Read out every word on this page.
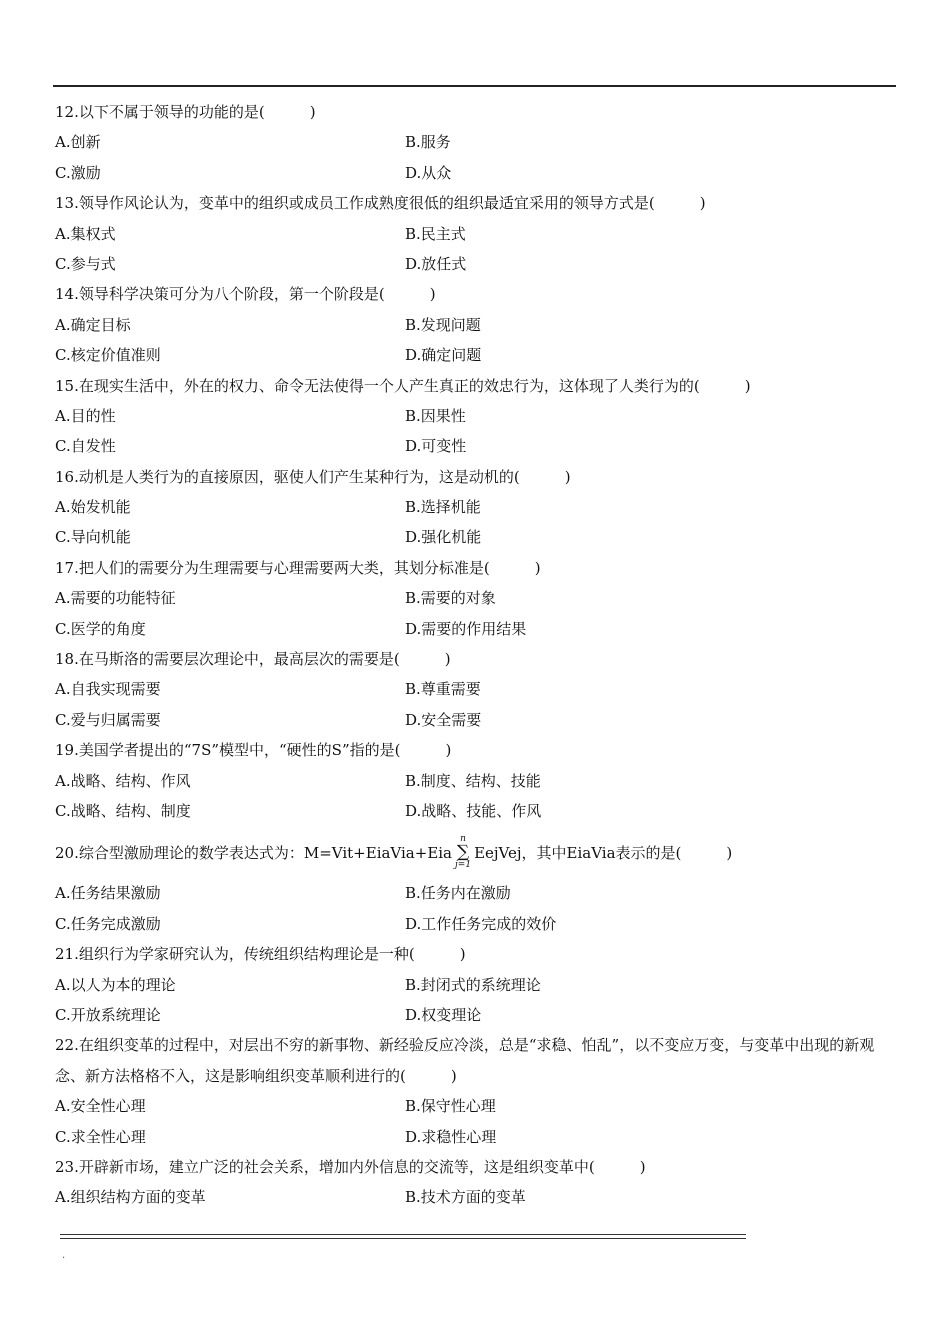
12.以下不属于领导的功能的是(　　　)
A.创新	B.服务
C.激励	D.从众
13.领导作风论认为，变革中的组织或成员工作成熟度很低的组织最适宜采用的领导方式是(　　　)
A.集权式	B.民主式
C.参与式	D.放任式
14.领导科学决策可分为八个阶段，第一个阶段是(　　　)
A.确定目标	B.发现问题
C.核定价值准则	D.确定问题
15.在现实生活中，外在的权力、命令无法使得一个人产生真正的效忠行为，这体现了人类行为的(　　　)
A.目的性	B.因果性
C.自发性	D.可变性
16.动机是人类行为的直接原因，驱使人们产生某种行为，这是动机的(　　　)
A.始发机能	B.选择机能
C.导向机能	D.强化机能
17.把人们的需要分为生理需要与心理需要两大类，其划分标准是(　　　)
A.需要的功能特征	B.需要的对象
C.医学的角度	D.需要的作用结果
18.在马斯洛的需要层次理论中，最高层次的需要是(　　　)
A.自我实现需要	B.尊重需要
C.爱与归属需要	D.安全需要
19.美国学者提出的“7S”模型中，“硬性的S”指的是(　　　)
A.战略、结构、作风	B.制度、结构、技能
C.战略、结构、制度	D.战略、技能、作风
20.综合型激励理论的数学表达式为：M=Vit+EiaVia+Eia
n
∑
j=1
EejVej，其中EiaVia表示的是(　　　)
A.任务结果激励	B.任务内在激励
C.任务完成激励	D.工作任务完成的效价
21.组织行为学家研究认为，传统组织结构理论是一种(　　　)
A.以人为本的理论	B.封闭式的系统理论
C.开放系统理论	D.权变理论
22.在组织变革的过程中，对层出不穷的新事物、新经验反应冷淡，总是“求稳、怕乱”，以不变应万变，与变革中出现的新观念、新方法格格不入，这是影响组织变革顺利进行的(　　　)
A.安全性心理	B.保守性心理
C.求全性心理	D.求稳性心理
23.开辟新市场，建立广泛的社会关系，增加内外信息的交流等，这是组织变革中(　　　)
A.组织结构方面的变革	B.技术方面的变革
.
